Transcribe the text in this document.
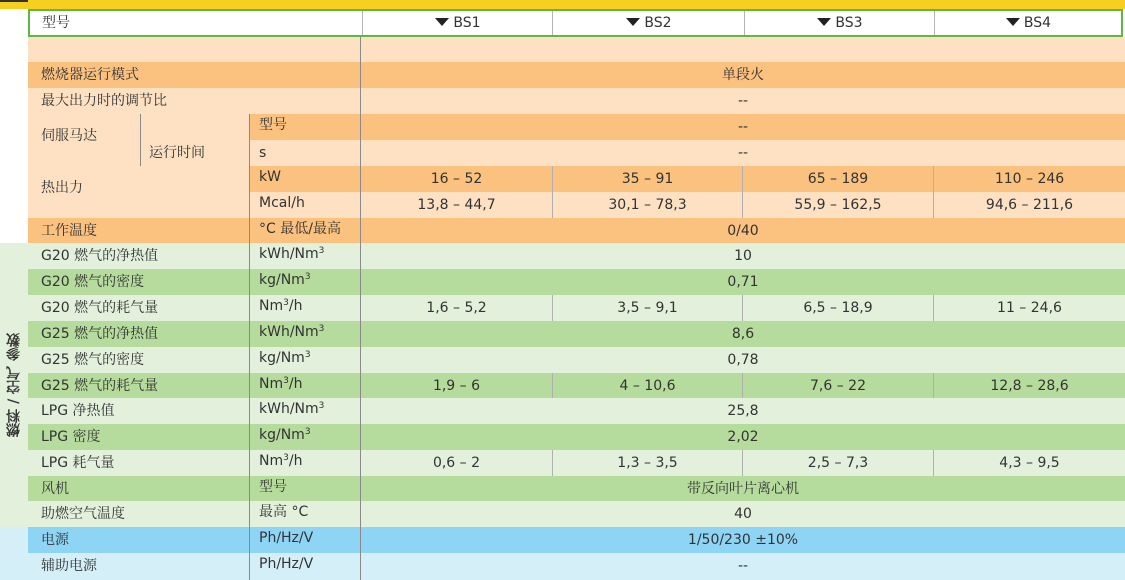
型号	BS1	BS2	BS3	BS4
燃料 / 空气 参数
燃烧器运行模式	单段火
最大出力时的调节比	--
伺服马达
型号	--
运行时间	s	--
热出力
kW	16 – 52	35 – 91	65 – 189	110 – 246
Mcal/h	13,8 – 44,7	30,1 – 78,3	55,9 – 162,5	94,6 – 211,6
工作温度	°C 最低/最高	0/40
G20 燃气的净热值	kWh/Nm$^3$	10
G20 燃气的密度	kg/Nm$^3$	0,71
G20 燃气的耗气量	Nm$^3$/h	1,6 – 5,2	3,5 – 9,1	6,5 – 18,9	11 – 24,6
G25 燃气的净热值	kWh/Nm$^3$	8,6
G25 燃气的密度	kg/Nm$^3$	0,78
G25 燃气的耗气量	Nm$^3$/h	1,9 – 6	4 – 10,6	7,6 – 22	12,8 – 28,6
LPG 净热值	kWh/Nm$^3$	25,8
LPG 密度	kg/Nm$^3$	2,02
LPG 耗气量	Nm$^3$/h	0,6 – 2	1,3 – 3,5	2,5 – 7,3	4,3 – 9,5
风机	型号	带反向叶片离心机
助燃空气温度	最高 °C	40
电源	Ph/Hz/V	1/50/230 ±10%
辅助电源	Ph/Hz/V	--
